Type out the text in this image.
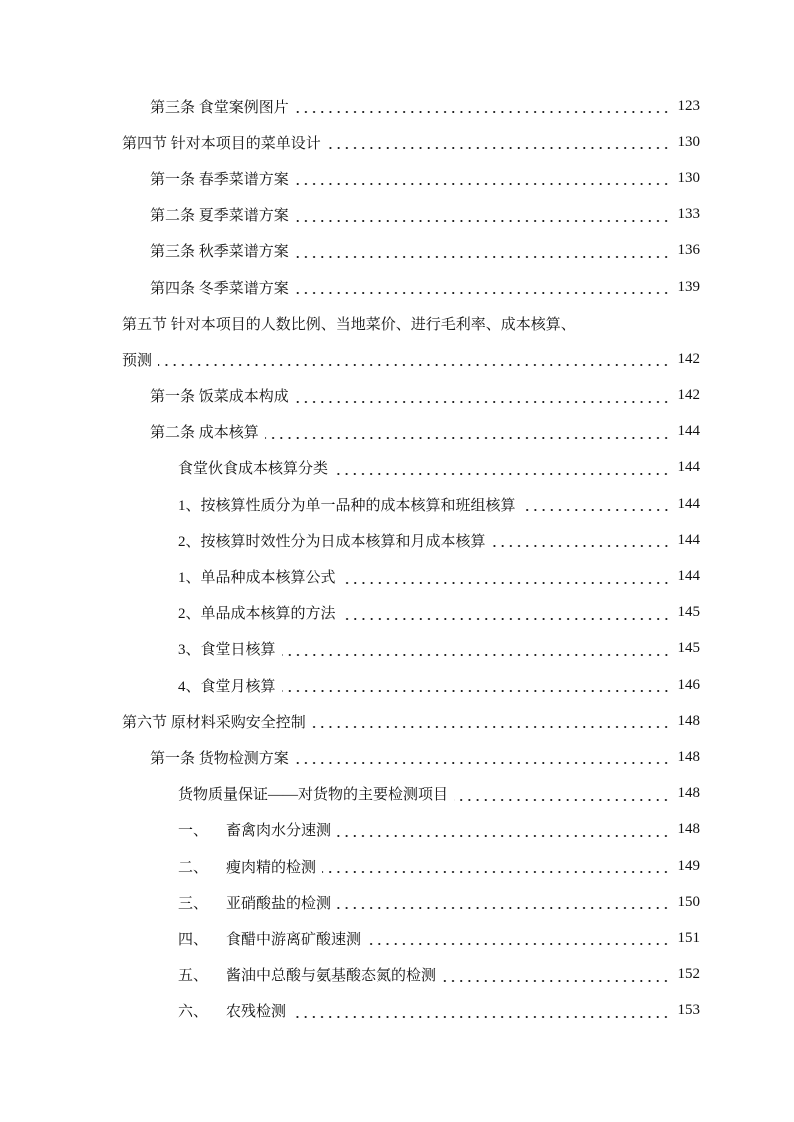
第三条 食堂案例图片	123
第四节 针对本项目的菜单设计	130
第一条 春季菜谱方案	130
第二条 夏季菜谱方案	133
第三条 秋季菜谱方案	136
第四条 冬季菜谱方案	139
第五节 针对本项目的人数比例、当地菜价、进行毛利率、成本核算、
预测	142
第一条 饭菜成本构成	142
第二条 成本核算	144
食堂伙食成本核算分类	144
1、按核算性质分为单一品种的成本核算和班组核算	144
2、按核算时效性分为日成本核算和月成本核算	144
1、单品种成本核算公式	144
2、单品成本核算的方法	145
3、食堂日核算	145
4、食堂月核算	146
第六节 原材料采购安全控制	148
第一条 货物检测方案	148
货物质量保证——对货物的主要检测项目	148
一、 畜禽肉水分速测	148
二、 瘦肉精的检测	149
三、 亚硝酸盐的检测	150
四、 食醋中游离矿酸速测	151
五、 酱油中总酸与氨基酸态氮的检测	152
六、 农残检测	153
